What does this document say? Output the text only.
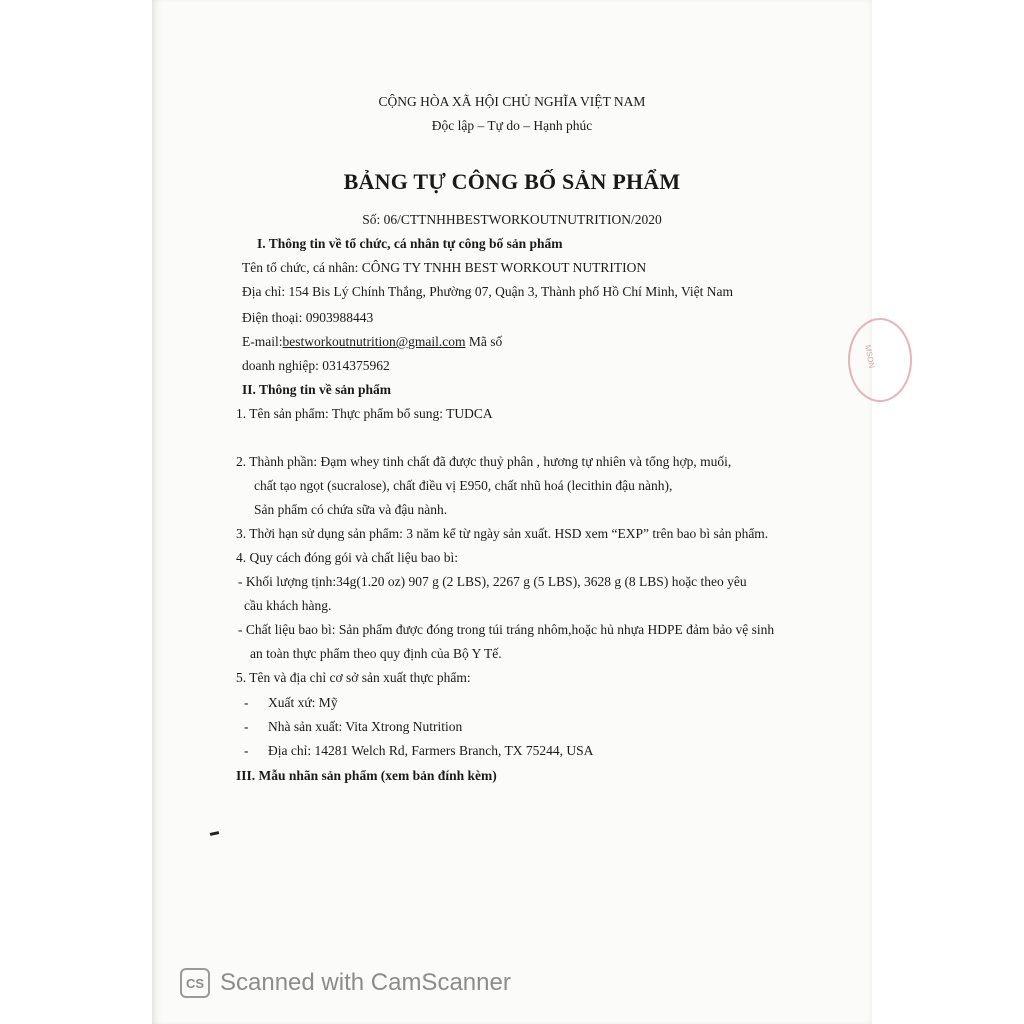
MSDN
CỘNG HÒA XÃ HỘI CHỦ NGHĨA VIỆT NAM
Độc lập – Tự do – Hạnh phúc
BẢNG TỰ CÔNG BỐ SẢN PHẨM
Số: 06/CTTNHHBESTWORKOUTNUTRITION/2020
I. Thông tin về tổ chức, cá nhân tự công bố sản phẩm
Tên tổ chức, cá nhân: CÔNG TY TNHH BEST WORKOUT NUTRITION
Địa chỉ: 154 Bis Lý Chính Thắng, Phường 07, Quận 3, Thành phố Hồ Chí Minh, Việt Nam
Điện thoại: 0903988443
E-mail:bestworkoutnutrition@gmail.com Mã số
doanh nghiệp: 0314375962
II. Thông tin về sản phẩm
1. Tên sản phẩm: Thực phẩm bổ sung: TUDCA
2. Thành phần: Đạm whey tinh chất đã được thuỷ phân , hương tự nhiên và tổng hợp, muối,
chất tạo ngọt (sucralose), chất điều vị E950, chất nhũ hoá (lecithin đậu nành),
Sản phẩm có chứa sữa và đậu nành.
3. Thời hạn sử dụng sản phẩm: 3 năm kể từ ngày sản xuất. HSD xem “EXP” trên bao bì sản phẩm.
4. Quy cách đóng gói và chất liệu bao bì:
- Khối lượng tịnh:34g(1.20 oz) 907 g (2 LBS), 2267 g (5 LBS), 3628 g (8 LBS) hoặc theo yêu
cầu khách hàng.
- Chất liệu bao bì: Sản phẩm được đóng trong túi tráng nhôm,hoặc hủ nhựa HDPE đảm bảo vệ sinh
an toàn thực phẩm theo quy định của Bộ Y Tế.
5. Tên và địa chỉ cơ sở sản xuất thực phẩm:
- Xuất xứ: Mỹ
- Nhà sản xuất: Vita Xtrong Nutrition
- Địa chỉ: 14281 Welch Rd, Farmers Branch, TX 75244, USA
III. Mẫu nhãn sản phẩm (xem bản đính kèm)
CS Scanned with CamScanner
